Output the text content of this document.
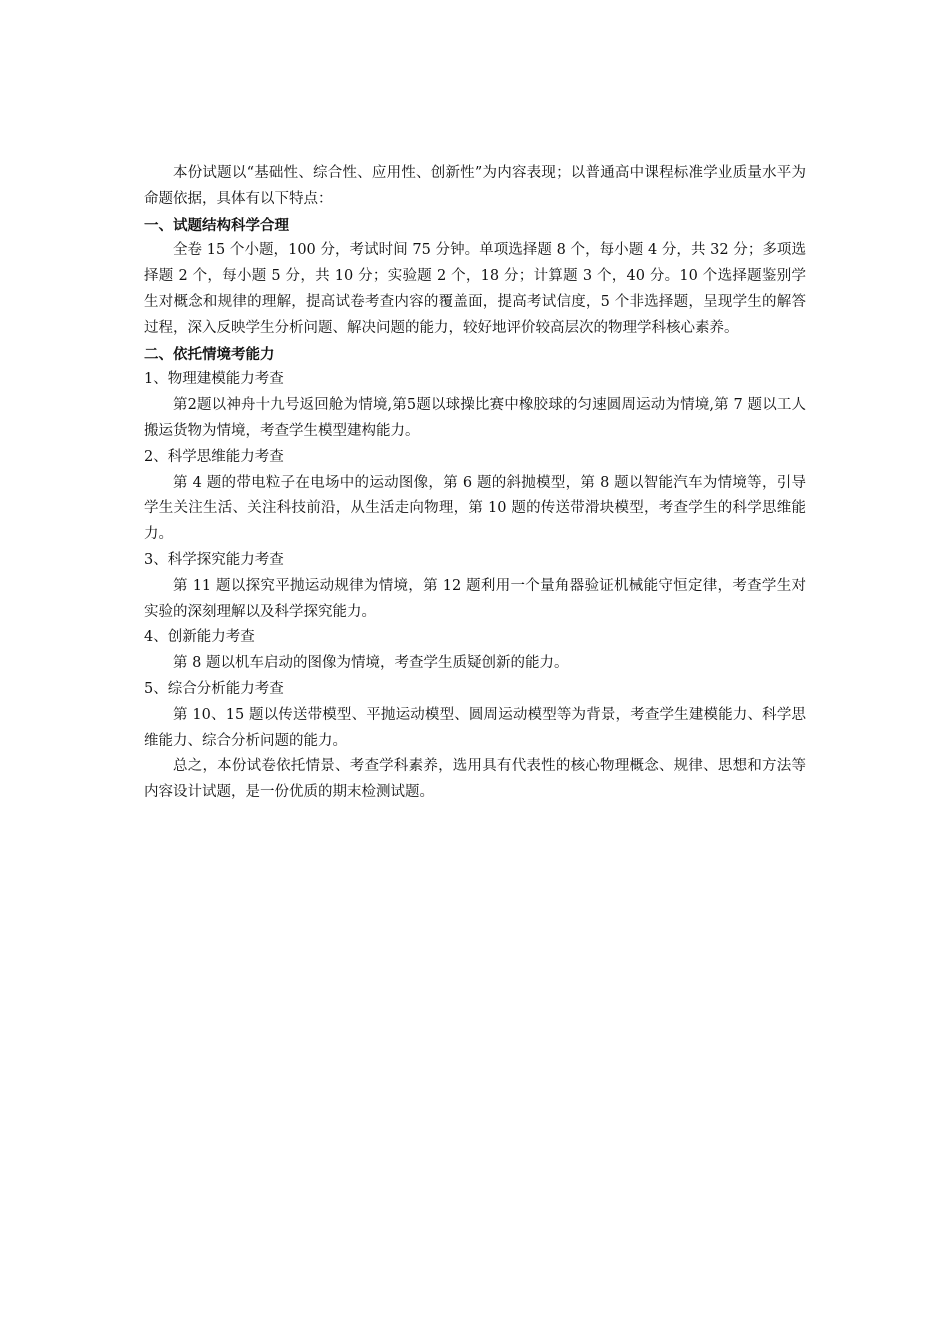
本份试题以“基础性、综合性、应用性、创新性”为内容表现；以普通高中课程标准学业质量水平为命题依据，具体有以下特点：

一、试题结构科学合理

全卷 15 个小题，100 分，考试时间 75 分钟。单项选择题 8 个，每小题 4 分，共 32 分；多项选择题 2 个，每小题 5 分，共 10 分；实验题 2 个，18 分；计算题 3 个，40 分。10 个选择题鉴别学生对概念和规律的理解，提高试卷考查内容的覆盖面，提高考试信度，5 个非选择题，呈现学生的解答过程，深入反映学生分析问题、解决问题的能力，较好地评价较高层次的物理学科核心素养。

二、依托情境考能力

1、物理建模能力考查

第2题以神舟十九号返回舱为情境,第5题以球操比赛中橡胶球的匀速圆周运动为情境,第 7 题以工人搬运货物为情境，考查学生模型建构能力。

2、科学思维能力考查

第 4 题的带电粒子在电场中的运动图像，第 6 题的斜抛模型，第 8 题以智能汽车为情境等，引导学生关注生活、关注科技前沿，从生活走向物理，第 10 题的传送带滑块模型，考查学生的科学思维能力。

3、科学探究能力考查

第 11 题以探究平抛运动规律为情境，第 12 题利用一个量角器验证机械能守恒定律，考查学生对实验的深刻理解以及科学探究能力。

4、创新能力考查

第 8 题以机车启动的图像为情境，考查学生质疑创新的能力。

5、综合分析能力考查

第 10、15 题以传送带模型、平抛运动模型、圆周运动模型等为背景，考查学生建模能力、科学思维能力、综合分析问题的能力。

总之，本份试卷依托情景、考查学科素养，选用具有代表性的核心物理概念、规律、思想和方法等内容设计试题，是一份优质的期末检测试题。
